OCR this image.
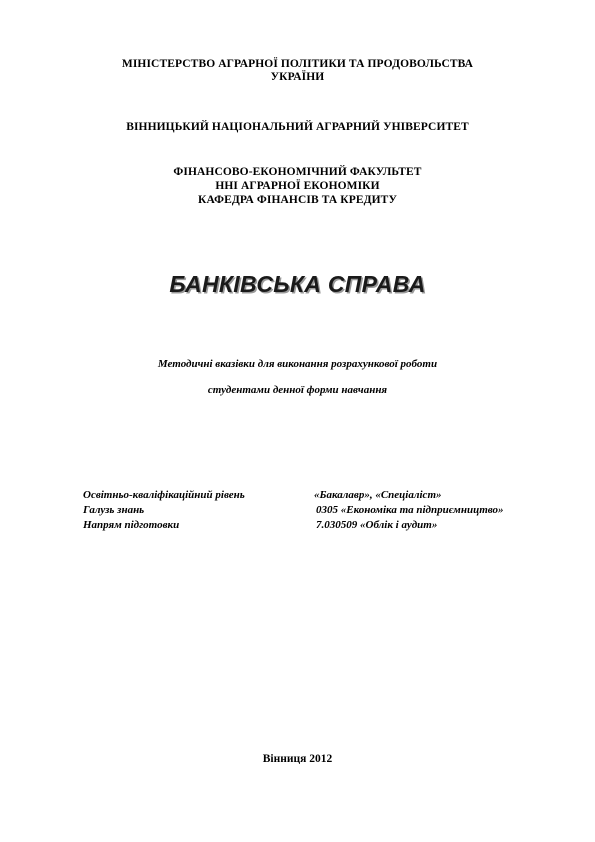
МІНІСТЕРСТВО АГРАРНОЇ ПОЛІТИКИ ТА ПРОДОВОЛЬСТВА
УКРАЇНИ
ВІННИЦЬКИЙ НАЦІОНАЛЬНИЙ АГРАРНИЙ УНІВЕРСИТЕТ
ФІНАНСОВО-ЕКОНОМІЧНИЙ ФАКУЛЬТЕТ
ННІ АГРАРНОЇ ЕКОНОМІКИ
КАФЕДРА ФІНАНСІВ ТА КРЕДИТУ
БАНКІВСЬКА СПРАВА
Методичні вказівки для виконання розрахункової роботи
студентами денної форми навчання
Освітньо-кваліфікаційний рівень	«Бакалавр», «Спеціаліст»
Галузь знань	0305 «Економіка та підприємництво»
Напрям підготовки	7.030509 «Облік і аудит»
Вінниця 2012
